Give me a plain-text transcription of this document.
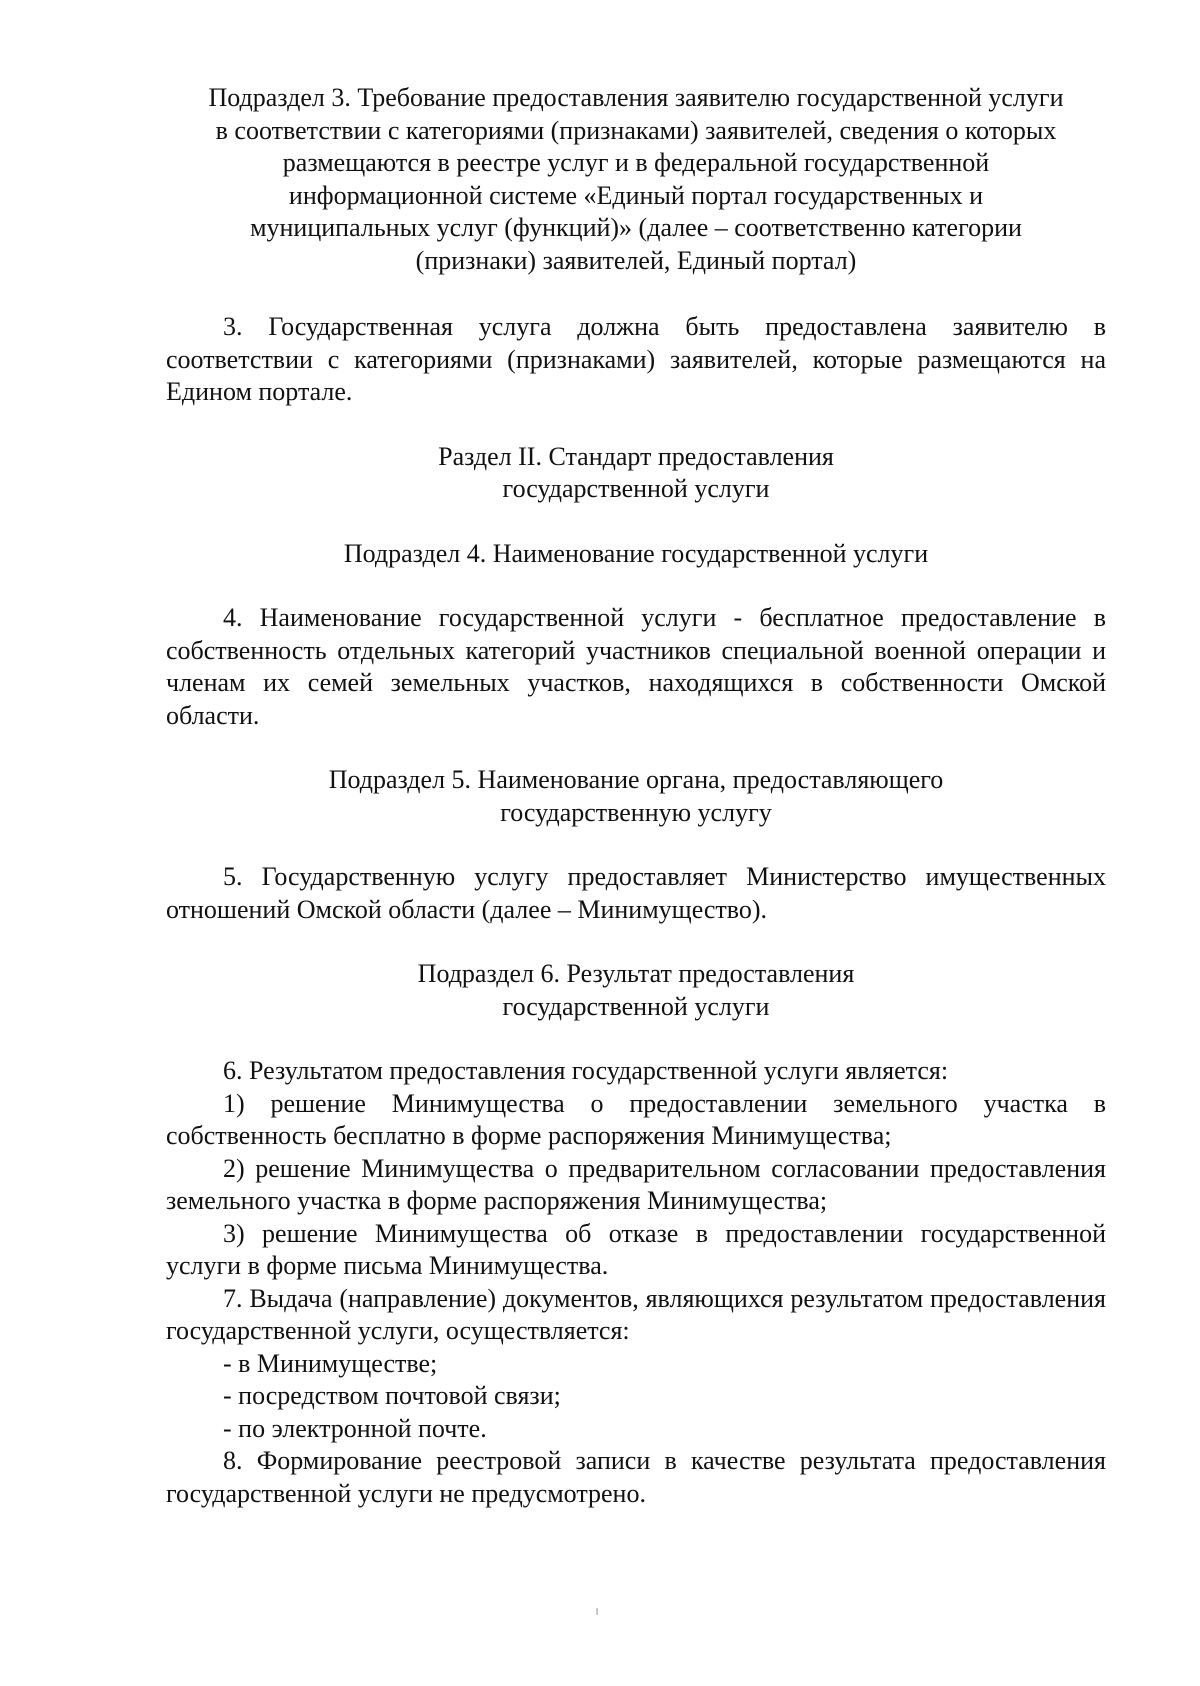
Подраздел 3. Требование предоставления заявителю государственной услуги
в соответствии с категориями (признаками) заявителей, сведения о которых
размещаются в реестре услуг и в федеральной государственной
информационной системе «Единый портал государственных и
муниципальных услуг (функций)» (далее – соответственно категории
(признаки) заявителей, Единый портал)

3. Государственная услуга должна быть предоставлена заявителю в соответствии с категориями (признаками) заявителей, которые размещаются на Едином портале.

Раздел II. Стандарт предоставления
государственной услуги
Подраздел 4. Наименование государственной услуги

4. Наименование государственной услуги - бесплатное предоставление в собственность отдельных категорий участников специальной военной операции и членам их семей земельных участков, находящихся в собственности Омской области.

Подраздел 5. Наименование органа, предоставляющего
государственную услугу

5. Государственную услугу предоставляет Министерство имущественных отношений Омской области (далее – Минимущество).

Подраздел 6. Результат предоставления
государственной услуги

6. Результатом предоставления государственной услуги является:

1) решение Минимущества о предоставлении земельного участка в собственность бесплатно в форме распоряжения Минимущества;

2) решение Минимущества о предварительном согласовании предоставления земельного участка в форме распоряжения Минимущества;

3) решение Минимущества об отказе в предоставлении государственной услуги в форме письма Минимущества.

7. Выдача (направление) документов, являющихся результатом предоставления государственной услуги, осуществляется:

- в Минимуществе;

- посредством почтовой связи;

- по электронной почте.

8. Формирование реестровой записи в качестве результата предоставления государственной услуги не предусмотрено.
